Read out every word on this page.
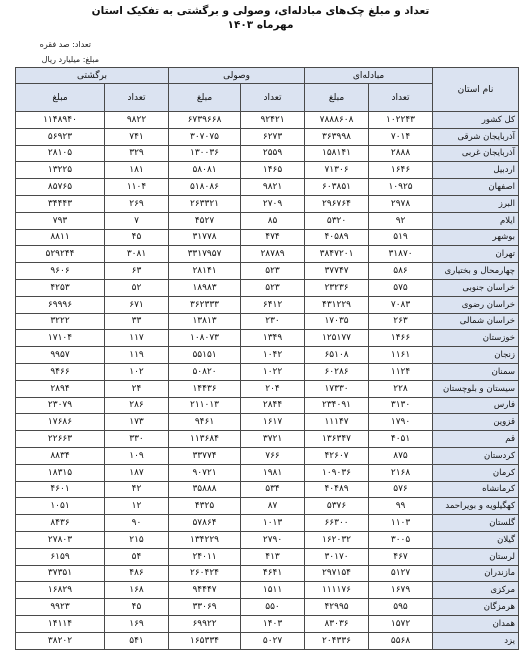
تعداد و مبلغ چک‌های مبادله‌ای، وصولی و برگشتی به تفکیک استان
مهرماه ۱۴۰۳
تعداد: صد فقره
مبلغ: میلیارد ریال
نام استان	مبادله‌ای		وصولی		برگشتی	
	تعداد	مبلغ	تعداد	مبلغ	تعداد	مبلغ
کل کشور	۱۰۲۲۴۳	۷۸۸۸۶۰۸	۹۲۴۲۱	۶۷۳۹۶۶۸	۹۸۲۲	۱۱۴۸۹۴۰
آذربایجان شرقی	۷۰۱۴	۳۶۳۹۹۸	۶۲۷۳	۳۰۷۰۷۵	۷۴۱	۵۶۹۲۳
آذربایجان غربی	۲۸۸۸	۱۵۸۱۴۱	۲۵۵۹	۱۳۰۰۳۶	۳۲۹	۲۸۱۰۵
اردبیل	۱۶۴۶	۷۱۳۰۶	۱۴۶۵	۵۸۰۸۱	۱۸۱	۱۳۲۲۵
اصفهان	۱۰۹۲۵	۶۰۳۸۵۱	۹۸۲۱	۵۱۸۰۸۶	۱۱۰۴	۸۵۷۶۵
البرز	۲۹۷۸	۲۹۶۷۶۴	۲۷۰۹	۲۶۳۳۲۱	۲۶۹	۳۴۴۴۳
ایلام	۹۲	۵۳۲۰	۸۵	۴۵۲۷	۷	۷۹۳
بوشهر	۵۱۹	۴۰۵۸۹	۴۷۴	۳۱۷۷۸	۴۵	۸۸۱۱
تهران	۳۱۸۷۰	۳۸۴۷۲۰۱	۲۸۷۸۹	۳۳۱۷۹۵۷	۳۰۸۱	۵۲۹۲۴۴
چهارمحال و بختیاری	۵۸۶	۳۷۷۴۷	۵۲۳	۲۸۱۴۱	۶۳	۹۶۰۶
خراسان جنوبی	۵۷۵	۲۳۲۳۶	۵۲۳	۱۸۹۸۳	۵۲	۴۲۵۳
خراسان رضوی	۷۰۸۳	۴۳۱۲۲۹	۶۴۱۲	۳۶۲۳۳۳	۶۷۱	۶۹۹۹۶
خراسان شمالی	۲۶۳	۱۷۰۳۵	۲۳۰	۱۳۸۱۳	۳۳	۳۲۲۲
خوزستان	۱۴۶۶	۱۲۵۱۷۷	۱۳۴۹	۱۰۸۰۷۳	۱۱۷	۱۷۱۰۴
زنجان	۱۱۶۱	۶۵۱۰۸	۱۰۴۲	۵۵۱۵۱	۱۱۹	۹۹۵۷
سمنان	۱۱۲۴	۶۰۲۸۶	۱۰۲۲	۵۰۸۲۰	۱۰۲	۹۴۶۶
سیستان و بلوچستان	۲۲۸	۱۷۳۳۰	۲۰۴	۱۴۴۳۶	۲۴	۲۸۹۴
فارس	۳۱۳۰	۲۳۴۰۹۱	۲۸۴۴	۲۱۱۰۱۳	۲۸۶	۲۳۰۷۹
قزوین	۱۷۹۰	۱۱۱۴۷	۱۶۱۷	۹۴۶۱	۱۷۳	۱۷۶۸۶
قم	۴۰۵۱	۱۳۶۳۴۷	۳۷۲۱	۱۱۳۶۸۴	۳۳۰	۲۲۶۶۳
کردستان	۸۷۵	۴۲۶۰۷	۷۶۶	۳۳۷۷۴	۱۰۹	۸۸۳۴
کرمان	۲۱۶۸	۱۰۹۰۳۶	۱۹۸۱	۹۰۷۲۱	۱۸۷	۱۸۳۱۵
کرمانشاه	۵۷۶	۴۰۴۸۹	۵۳۴	۳۵۸۸۸	۴۲	۴۶۰۱
کهگیلویه و بویراحمد	۹۹	۵۳۷۶	۸۷	۴۳۲۵	۱۲	۱۰۵۱
گلستان	۱۱۰۳	۶۶۳۰۰	۱۰۱۳	۵۷۸۶۴	۹۰	۸۴۳۶
گیلان	۳۰۰۵	۱۶۲۰۳۲	۲۷۹۰	۱۳۴۲۲۹	۲۱۵	۲۷۸۰۳
لرستان	۴۶۷	۳۰۱۷۰	۴۱۳	۲۴۰۱۱	۵۴	۶۱۵۹
مازندران	۵۱۲۷	۲۹۷۱۵۴	۴۶۴۱	۲۶۰۴۲۴	۴۸۶	۳۷۳۵۱
مرکزی	۱۶۷۹	۱۱۱۱۷۶	۱۵۱۱	۹۴۴۴۷	۱۶۸	۱۶۸۲۹
هرمزگان	۵۹۵	۴۲۹۹۵	۵۵۰	۳۳۰۶۹	۴۵	۹۹۲۳
همدان	۱۵۷۲	۸۳۰۳۶	۱۴۰۳	۶۹۹۲۲	۱۶۹	۱۴۱۱۴
یزد	۵۵۶۸	۲۰۴۳۳۶	۵۰۲۷	۱۶۵۳۳۴	۵۴۱	۳۸۲۰۲
